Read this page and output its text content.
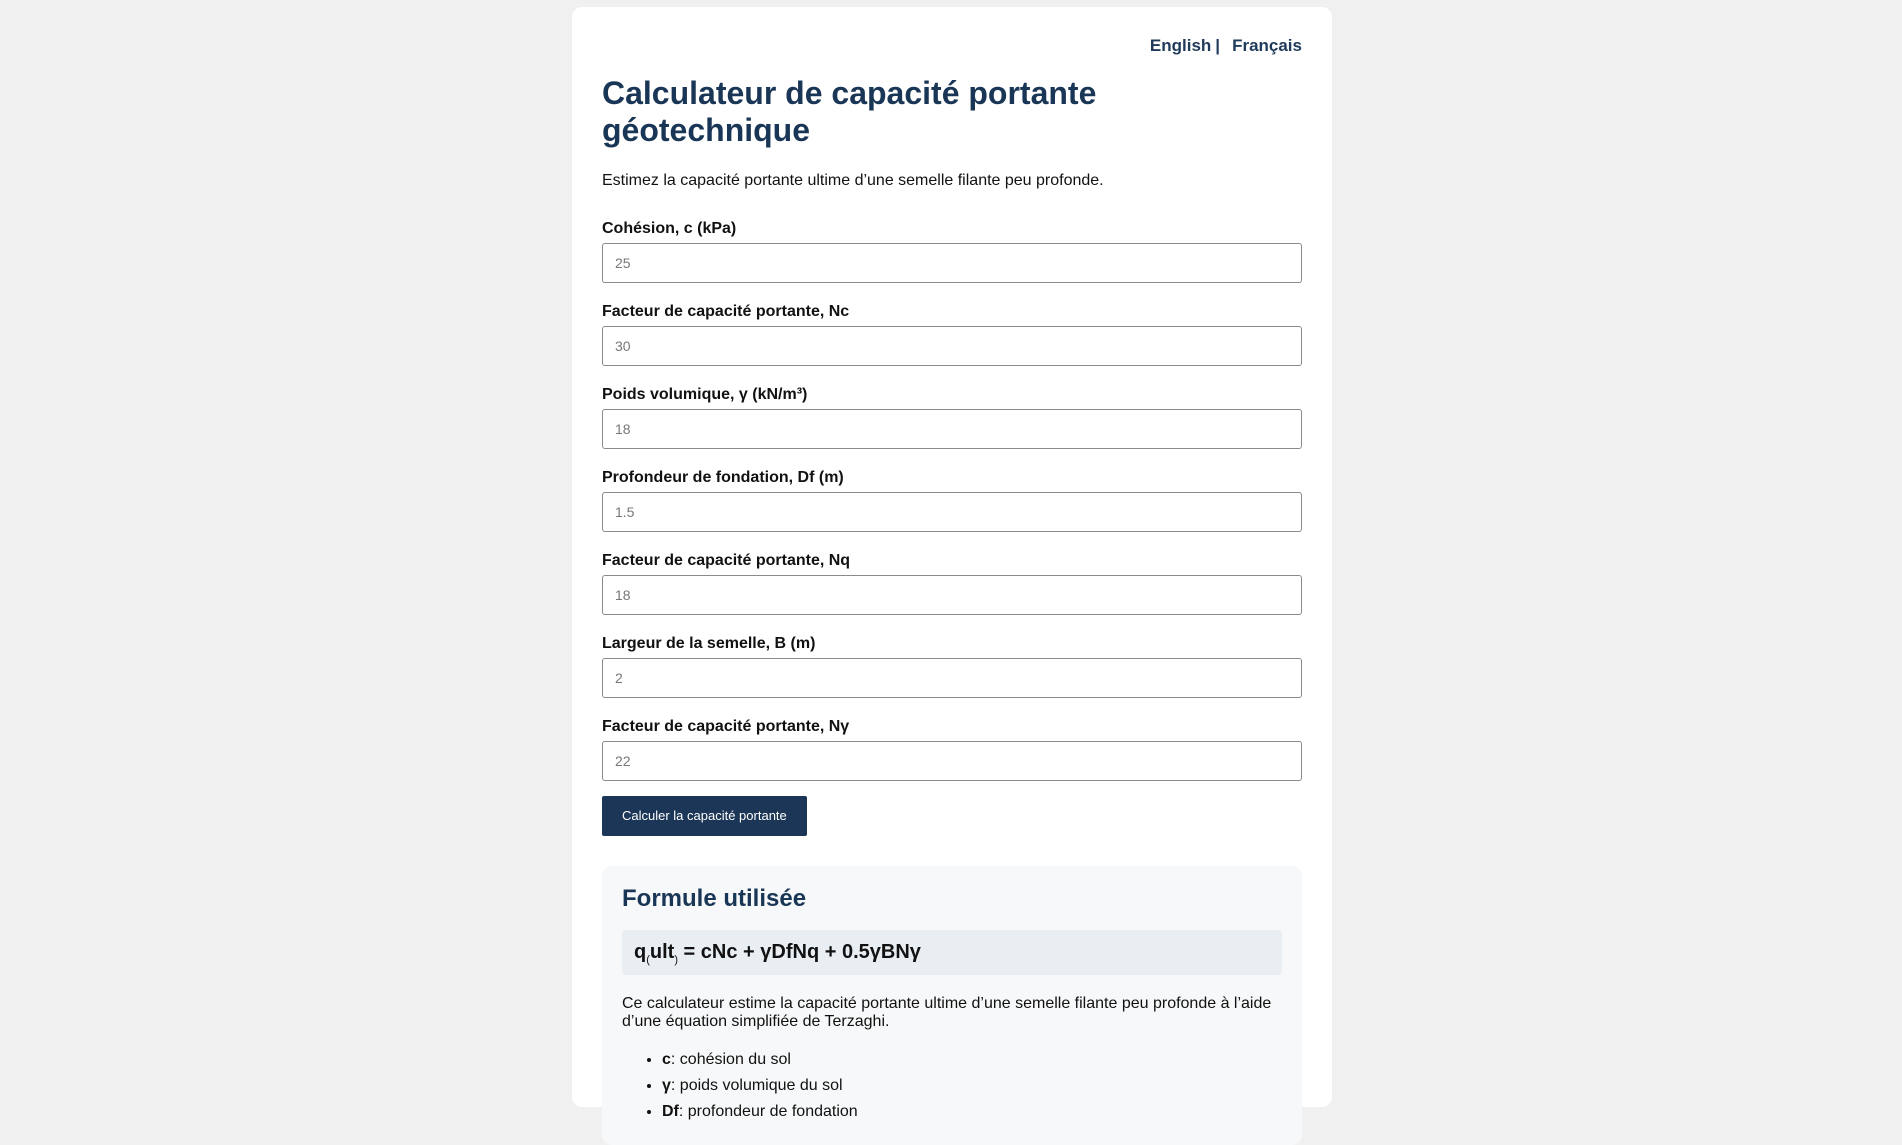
English | Français
Calculateur de capacité portante géotechnique

Estimez la capacité portante ultime d’une semelle filante peu profonde.

Cohésion, c (kPa)
25
Facteur de capacité portante, Nc
30
Poids volumique, γ (kN/m³)
18
Profondeur de fondation, Df (m)
1.5
Facteur de capacité portante, Nq
18
Largeur de la semelle, B (m)
2
Facteur de capacité portante, Nγ
22
Calculer la capacité portante
Formule utilisée
$q_(ult_)$ = cNc + γDfNq + 0.5γBNγ

Ce calculateur estime la capacité portante ultime d’une semelle filante peu profonde à l’aide d’une équation simplifiée de Terzaghi.

• c: cohésion du sol
• γ: poids volumique du sol
• Df: profondeur de fondation
